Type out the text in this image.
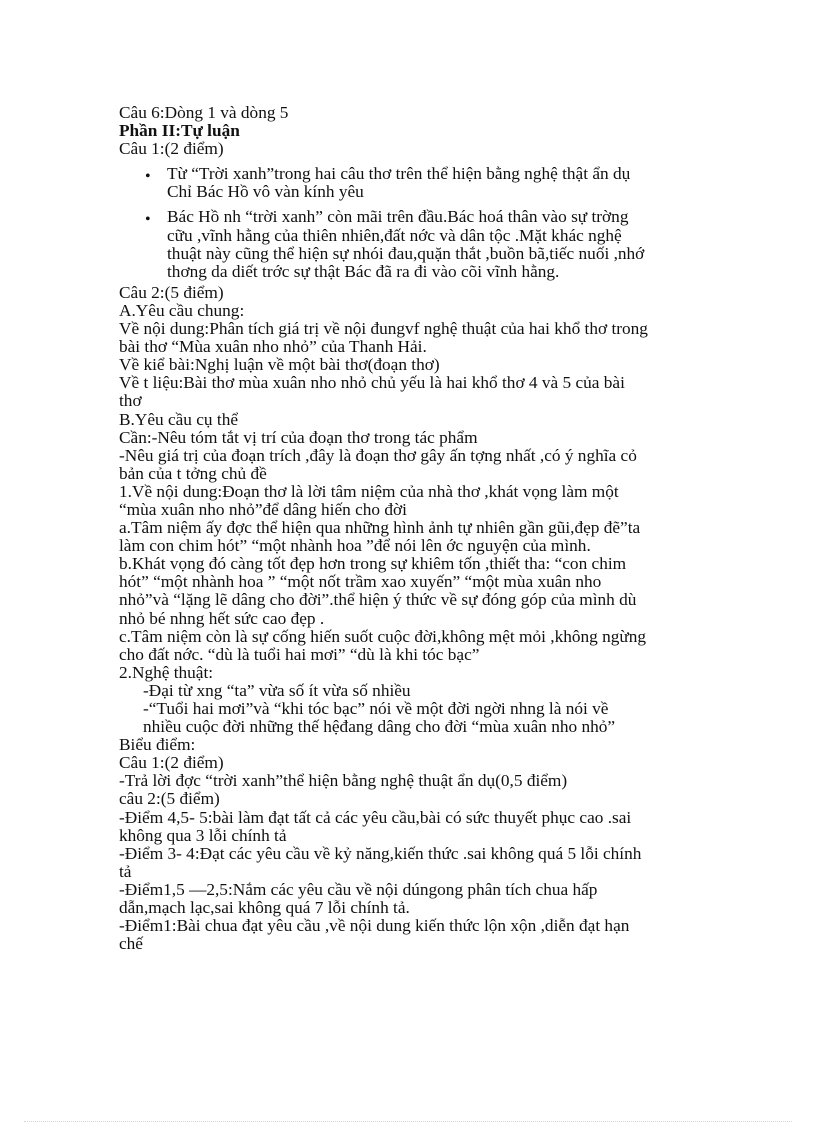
Câu 6:Dòng 1 và dòng 5

Phần II:Tự luận

Câu 1:(2 điểm)

• Từ “Trời xanh”trong hai câu thơ trên thể hiện bằng nghệ thật ẩn dụ

Chỉ Bác Hồ vô vàn kính yêu

• Bác Hồ nh “trời xanh” còn mãi trên đầu.Bác hoá thân vào sự trờng

cữu ,vĩnh hằng của thiên nhiên,đất nớc và dân tộc .Mặt khác nghệ

thuật này cũng thể hiện sự nhói đau,quặn thắt ,buồn bã,tiếc nuối ,nhớ

thơng da diết trớc sự thật Bác đã ra đi vào cõi vĩnh hằng.

Câu 2:(5 điểm)

A.Yêu cầu chung:

Về nội dung:Phân tích giá trị về nội đungvf nghệ thuật của hai khổ thơ trong

bài thơ “Mùa xuân nho nhỏ” của Thanh Hải.

Về kiể bài:Nghị luận về một bài thơ(đoạn thơ)

Về t liệu:Bài thơ mùa xuân nho nhỏ chủ yếu là hai khổ thơ 4 và 5 của bài

thơ

B.Yêu cầu cụ thể

Cần:-Nêu tóm tắt vị trí của đoạn thơ trong tác phẩm

-Nêu giá trị của đoạn trích ,đây là đoạn thơ gây ấn tợng nhất ,có ý nghĩa cỏ

bản của t tởng chủ đề

1.Về nội dung:Đoạn thơ là lời tâm niệm của nhà thơ ,khát vọng làm một

“mùa xuân nho nhỏ”để dâng hiến cho đời

a.Tâm niệm ấy đợc thể hiện qua những hình ảnh tự nhiên gần gũi,đẹp đẽ”ta

làm con chim hót” “một nhành hoa ”để nói lên ớc nguyện của mình.

b.Khát vọng đó càng tốt đẹp hơn trong sự khiêm tốn ,thiết tha: “con chim

hót” “một nhành hoa ” “một nốt trầm xao xuyến” “một mùa xuân nho

nhỏ”và “lặng lẽ dâng cho đời”.thể hiện ý thức về sự đóng góp của mình dù

nhỏ bé nhng hết sức cao đẹp .

c.Tâm niệm còn là sự cống hiến suốt cuộc đời,không mệt mỏi ,không ngừng

cho đất nớc. “dù là tuổi hai mơi” “dù là khi tóc bạc”

2.Nghệ thuật:

-Đại từ xng “ta” vừa số ít vừa số nhiều

-“Tuổi hai mơi”và “khi tóc bạc” nói về một đời ngời nhng là nói về

nhiều cuộc đời những thế hệđang dâng cho đời “mùa xuân nho nhỏ”

Biểu điểm:

Câu 1:(2 điểm)

-Trả lời đợc “trời xanh”thể hiện bằng nghệ thuật ẩn dụ(0,5 điểm)

câu 2:(5 điểm)

-Điểm 4,5- 5:bài làm đạt tất cả các yêu cầu,bài có sức thuyết phục cao .sai

không qua 3 lỗi chính tả

-Điểm 3- 4:Đạt các yêu cầu về kỷ năng,kiến thức .sai không quá 5 lỗi chính

tả

-Điểm1,5 —2,5:Nắm các yêu cầu về nội dúngong phân tích chua hấp

dẫn,mạch lạc,sai không quá 7 lỗi chính tả.

-Điểm1:Bài chua đạt yêu cầu ,về nội dung kiến thức lộn xộn ,diễn đạt hạn

chế
